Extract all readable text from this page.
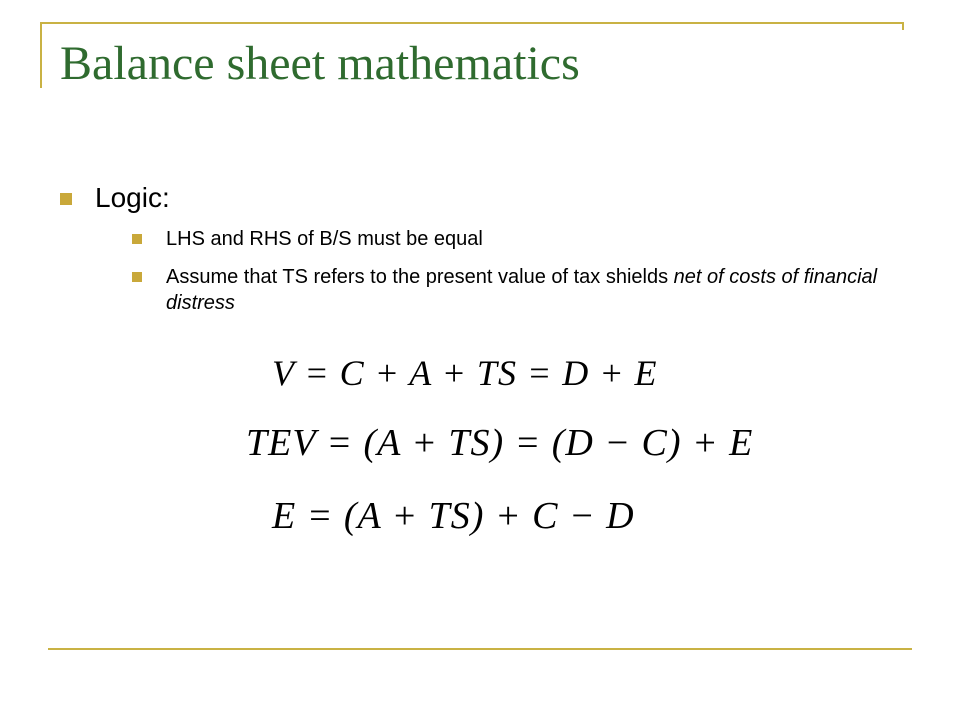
Balance sheet mathematics
Logic:
LHS and RHS of B/S must be equal
Assume that TS refers to the present value of tax shields net of costs of financial distress
V = C + A + TS = D + E
TEV = (A + TS) = (D − C) + E
E = (A + TS) + C − D
